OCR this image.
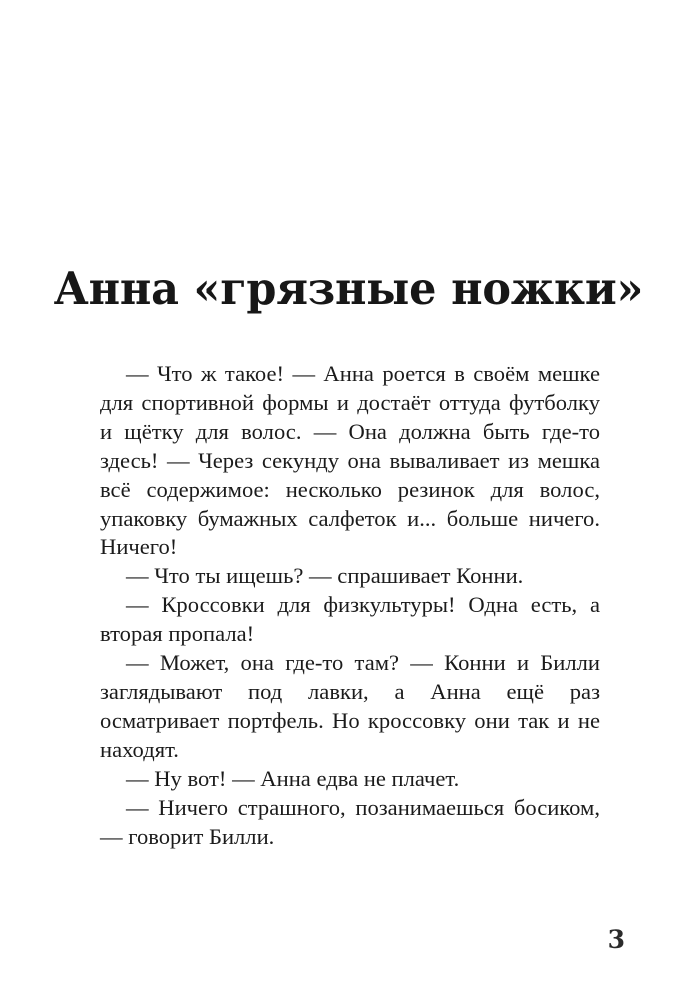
Анна «грязные ножки»

— Что ж такое! — Анна роется в своём мешке для спортивной формы и достаёт оттуда футболку и щётку для волос. — Она должна быть где-то здесь! — Через секунду она вываливает из мешка всё содержимое: несколько резинок для волос, упаковку бумажных салфеток и... больше ничего. Ничего!

— Что ты ищешь? — спрашивает Конни.

— Кроссовки для физкультуры! Одна есть, а вторая пропала!

— Может, она где-то там? — Конни и Билли заглядывают под лавки, а Анна ещё раз осматривает портфель. Но кроссовку они так и не находят.

— Ну вот! — Анна едва не плачет.

— Ничего страшного, позанимаешься босиком, — говорит Билли.

3
